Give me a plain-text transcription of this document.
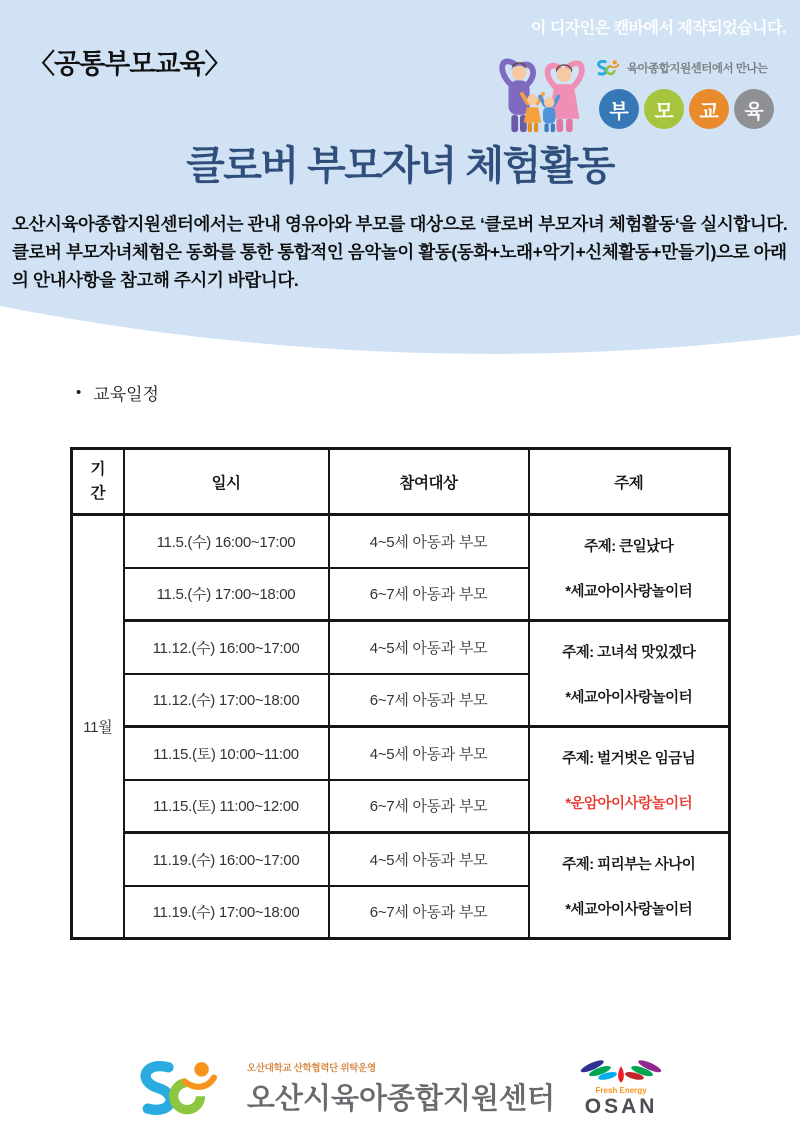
〈공통부모교육〉
이 디자인은 캔바에서 제작되었습니다.
육아종합지원센터에서 만나는
부	모	교	육
클로버 부모자녀 체험활동
오산시육아종합지원센터에서는 관내 영유아와 부모를 대상으로 ‘클로버 부모자녀 체험활동‘을 실시합니다. 클로버 부모자녀체험은 동화를 통한 통합적인 음악놀이 활동(동화+노래+악기+신체활동+만들기)으로 아래의 안내사항을 참고해 주시기 바랍니다.
• 교육일정
기간	일시	참여대상	주제
11월	11.5.(수) 16:00~17:00	4~5세 아동과 부모	주제: 큰일났다
*세교아이사랑놀이터

	11.5.(수) 17:00~18:00	6~7세 아동과 부모	
	11.12.(수) 16:00~17:00	4~5세 아동과 부모	주제: 고녀석 맛있겠다
*세교아이사랑놀이터

	11.12.(수) 17:00~18:00	6~7세 아동과 부모	
	11.15.(토) 10:00~11:00	4~5세 아동과 부모	주제: 벌거벗은 임금님
*운암아이사랑놀이터

	11.15.(토) 11:00~12:00	6~7세 아동과 부모	
	11.19.(수) 16:00~17:00	4~5세 아동과 부모	주제: 피리부는 사나이
*세교아이사랑놀이터

	11.19.(수) 17:00~18:00	6~7세 아동과 부모	
오산대학교 산학협력단 위탁운영
오산시육아종합지원센터	Fresh Energy
OSAN
